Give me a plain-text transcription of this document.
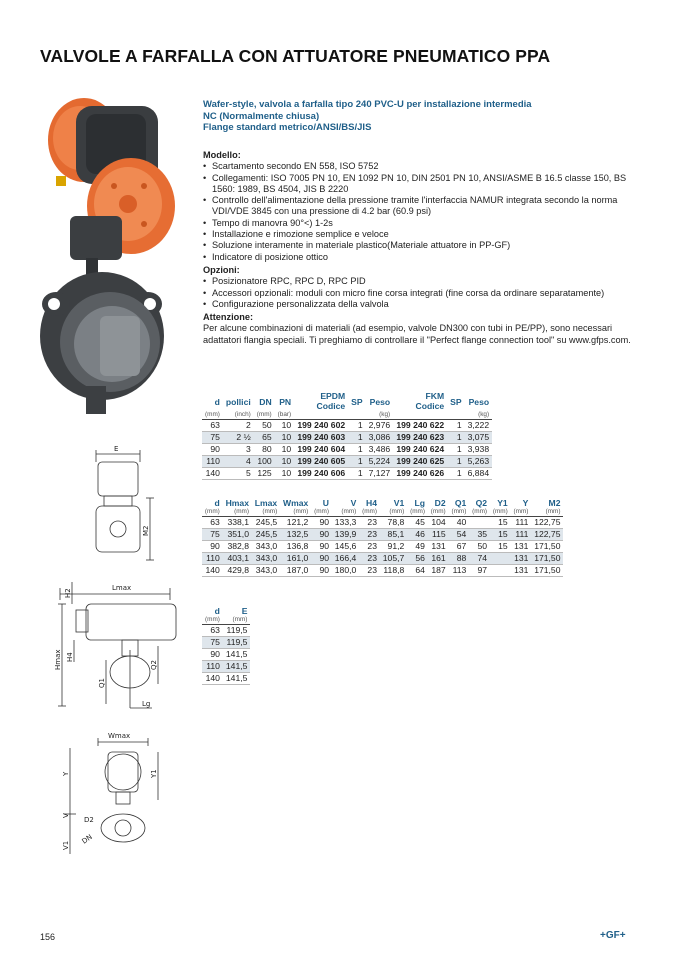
VALVOLE A FARFALLA CON ATTUATORE PNEUMATICO PPA
Wafer-style, valvola a farfalla tipo 240 PVC-U per installazione intermedia
NC (Normalmente chiusa)
Flange standard metrico/ANSI/BS/JIS
Modello:
• Scartamento secondo EN 558, ISO 5752
• Collegamenti: ISO 7005 PN 10, EN 1092 PN 10, DIN 2501 PN 10, ANSI/ASME B 16.5 classe 150, BS 1560: 1989, BS 4504, JIS B 2220
• Controllo dell'alimentazione della pressione tramite l'interfaccia NAMUR integrata secondo la norma VDI/VDE 3845 con una pressione di 4.2 bar (60.9 psi)
• Tempo di manovra 90°<) 1-2s
• Installazione e rimozione semplice e veloce
• Soluzione interamente in materiale plastico(Materiale attuatore in PP-GF)
• Indicatore di posizione ottico
Opzioni:
• Posizionatore RPC, RPC D, RPC PID
• Accessori opzionali: moduli con micro fine corsa integrati (fine corsa da ordinare separatamente)
• Configurazione personalizzata della valvola
Attenzione:
Per alcune combinazioni di materiali (ad esempio, valvole DN300 con tubi in PE/PP), sono necessari adattatori flangia speciali. Ti preghiamo di controllare il "Perfect flange connection tool" su www.gfps.com.
d	pollici	DN	PN	EPDM Codice	SP	Peso	FKM Codice	SP	Peso
(mm)	(inch)	(mm)	(bar)			(kg)			(kg)
63	2	50	10	199 240 602	1	2,976	199 240 622	1	3,222
75	2 ½	65	10	199 240 603	1	3,086	199 240 623	1	3,075
90	3	80	10	199 240 604	1	3,486	199 240 624	1	3,938
110	4	100	10	199 240 605	1	5,224	199 240 625	1	5,263
140	5	125	10	199 240 606	1	7,127	199 240 626	1	6,884
d	Hmax	Lmax	Wmax	U	V	H4	V1	Lg	D2	Q1	Q2	Y1	Y	M2
(mm)	(mm)	(mm)	(mm)	(mm)	(mm)	(mm)	(mm)	(mm)	(mm)	(mm)	(mm)	(mm)	(mm)	(mm)
63	338,1	245,5	121,2	90	133,3	23	78,8	45	104	40		15	111	122,75
75	351,0	245,5	132,5	90	139,9	23	85,1	46	115	54	35	15	111	122,75
90	382,8	343,0	136,8	90	145,6	23	91,2	49	131	67	50	15	131	171,50
110	403,1	343,0	161,0	90	166,4	23	105,7	56	161	88	74		131	171,50
140	429,8	343,0	187,0	90	180,0	23	118,8	64	187	113	97		131	171,50
d	E
(mm)	(mm)
63	119,5
75	119,5
90	141,5
110	141,5
140	141,5
E
M2
Lmax
H2
Hmax H4
Q1
Q2
Lg
Wmax
Y	Y1
V
V1
D2
DN
156	+GF+
